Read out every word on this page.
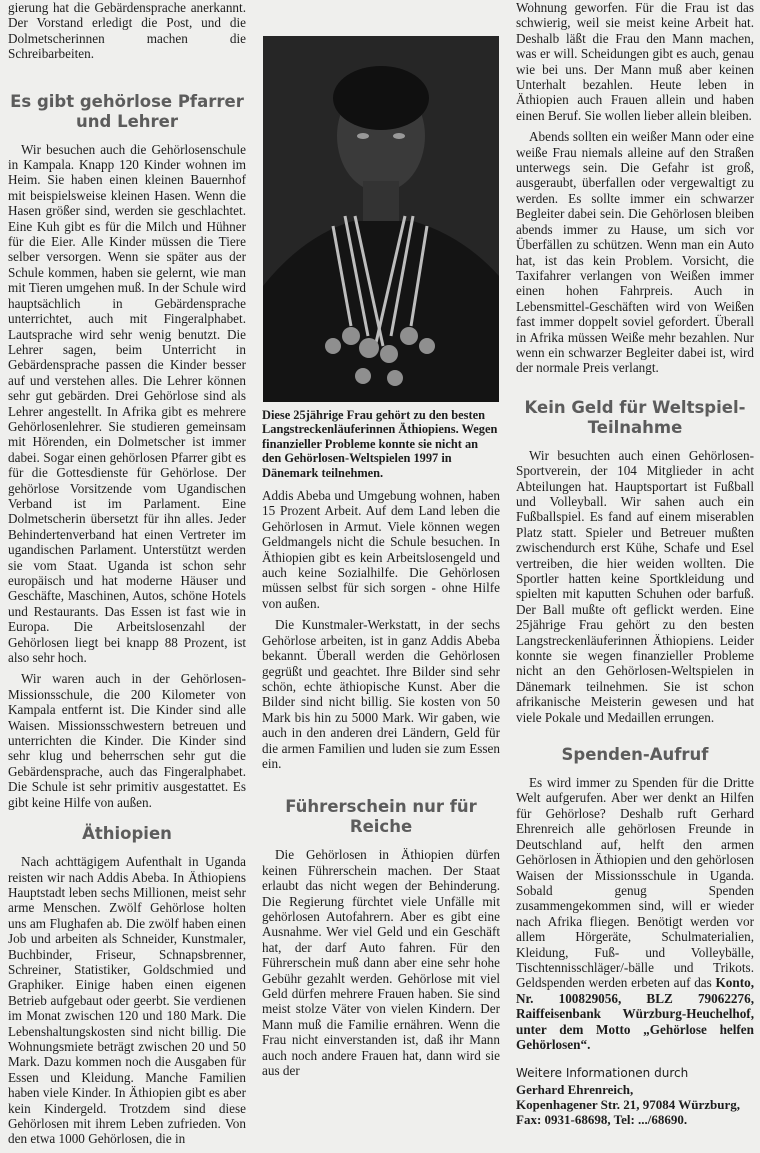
gierung hat die Gebärdensprache anerkannt. Der Vorstand erledigt die Post, und die Dolmetscherinnen machen die Schreibarbeiten.

Es gibt gehörlose Pfarrer und Lehrer

Wir besuchen auch die Gehörlosenschule in Kampala. Knapp 120 Kinder wohnen im Heim. Sie haben einen kleinen Bauernhof mit beispielsweise kleinen Hasen. Wenn die Hasen größer sind, werden sie geschlachtet. Eine Kuh gibt es für die Milch und Hühner für die Eier. Alle Kinder müssen die Tiere selber versorgen. Wenn sie später aus der Schule kommen, haben sie gelernt, wie man mit Tieren umgehen muß. In der Schule wird hauptsächlich in Gebärdensprache unterrichtet, auch mit Fingeralphabet. Lautsprache wird sehr wenig benutzt. Die Lehrer sagen, beim Unterricht in Gebärdensprache passen die Kinder besser auf und verstehen alles. Die Lehrer können sehr gut gebärden. Drei Gehörlose sind als Lehrer angestellt. In Afrika gibt es mehrere Gehörlosenlehrer. Sie studieren gemeinsam mit Hörenden, ein Dolmetscher ist immer dabei. Sogar einen gehörlosen Pfarrer gibt es für die Gottesdienste für Gehörlose. Der gehörlose Vorsitzende vom Ugandischen Verband ist im Parlament. Eine Dolmetscherin übersetzt für ihn alles. Jeder Behindertenverband hat einen Vertreter im ugandischen Parlament. Unterstützt werden sie vom Staat. Uganda ist schon sehr europäisch und hat moderne Häuser und Geschäfte, Maschinen, Autos, schöne Hotels und Restaurants. Das Essen ist fast wie in Europa. Die Arbeitslosenzahl der Gehörlosen liegt bei knapp 88 Prozent, ist also sehr hoch.

Wir waren auch in der Gehörlosen-Missionsschule, die 200 Kilometer von Kampala entfernt ist. Die Kinder sind alle Waisen. Missionsschwestern betreuen und unterrichten die Kinder. Die Kinder sind sehr klug und beherrschen sehr gut die Gebärdensprache, auch das Fingeralphabet. Die Schule ist sehr primitiv ausgestattet. Es gibt keine Hilfe von außen.

Äthiopien

Nach achttägigem Aufenthalt in Uganda reisten wir nach Addis Abeba. In Äthiopiens Hauptstadt leben sechs Millionen, meist sehr arme Menschen. Zwölf Gehörlose holten uns am Flughafen ab. Die zwölf haben einen Job und arbeiten als Schneider, Kunstmaler, Buchbinder, Friseur, Schnapsbrenner, Schreiner, Statistiker, Goldschmied und Graphiker. Einige haben einen eigenen Betrieb aufgebaut oder geerbt. Sie verdienen im Monat zwischen 120 und 180 Mark. Die Lebenshaltungskosten sind nicht billig. Die Wohnungsmiete beträgt zwischen 20 und 50 Mark. Dazu kommen noch die Ausgaben für Essen und Kleidung. Manche Familien haben viele Kinder. In Äthiopien gibt es aber kein Kindergeld. Trotzdem sind diese Gehörlosen mit ihrem Leben zufrieden. Von den etwa 1000 Gehörlosen, die in

Diese 25jährige Frau gehört zu den besten Langstreckenläuferinnen Äthiopiens. Wegen finanzieller Probleme konnte sie nicht an den Gehörlosen-Weltspielen 1997 in Dänemark teilnehmen.

Addis Abeba und Umgebung wohnen, haben 15 Prozent Arbeit. Auf dem Land leben die Gehörlosen in Armut. Viele können wegen Geldmangels nicht die Schule besuchen. In Äthiopien gibt es kein Arbeitslosengeld und auch keine Sozialhilfe. Die Gehörlosen müssen selbst für sich sorgen - ohne Hilfe von außen.

Die Kunstmaler-Werkstatt, in der sechs Gehörlose arbeiten, ist in ganz Addis Abeba bekannt. Überall werden die Gehörlosen gegrüßt und geachtet. Ihre Bilder sind sehr schön, echte äthiopische Kunst. Aber die Bilder sind nicht billig. Sie kosten von 50 Mark bis hin zu 5000 Mark. Wir gaben, wie auch in den anderen drei Ländern, Geld für die armen Familien und luden sie zum Essen ein.

Führerschein nur für Reiche

Die Gehörlosen in Äthiopien dürfen keinen Führerschein machen. Der Staat erlaubt das nicht wegen der Behinderung. Die Regierung fürchtet viele Unfälle mit gehörlosen Autofahrern. Aber es gibt eine Ausnahme. Wer viel Geld und ein Geschäft hat, der darf Auto fahren. Für den Führerschein muß dann aber eine sehr hohe Gebühr gezahlt werden. Gehörlose mit viel Geld dürfen mehrere Frauen haben. Sie sind meist stolze Väter von vielen Kindern. Der Mann muß die Familie ernähren. Wenn die Frau nicht einverstanden ist, daß ihr Mann auch noch andere Frauen hat, dann wird sie aus der

Wohnung geworfen. Für die Frau ist das schwierig, weil sie meist keine Arbeit hat. Deshalb läßt die Frau den Mann machen, was er will. Scheidungen gibt es auch, genau wie bei uns. Der Mann muß aber keinen Unterhalt bezahlen. Heute leben in Äthiopien auch Frauen allein und haben einen Beruf. Sie wollen lieber allein bleiben.

Abends sollten ein weißer Mann oder eine weiße Frau niemals alleine auf den Straßen unterwegs sein. Die Gefahr ist groß, ausgeraubt, überfallen oder vergewaltigt zu werden. Es sollte immer ein schwarzer Begleiter dabei sein. Die Gehörlosen bleiben abends immer zu Hause, um sich vor Überfällen zu schützen. Wenn man ein Auto hat, ist das kein Problem. Vorsicht, die Taxifahrer verlangen von Weißen immer einen hohen Fahrpreis. Auch in Lebensmittel-Geschäften wird von Weißen fast immer doppelt soviel gefordert. Überall in Afrika müssen Weiße mehr bezahlen. Nur wenn ein schwarzer Begleiter dabei ist, wird der normale Preis verlangt.

Kein Geld für Weltspiel-Teilnahme

Wir besuchten auch einen Gehörlosen-Sportverein, der 104 Mitglieder in acht Abteilungen hat. Hauptsportart ist Fußball und Volleyball. Wir sahen auch ein Fußballspiel. Es fand auf einem miserablen Platz statt. Spieler und Betreuer mußten zwischendurch erst Kühe, Schafe und Esel vertreiben, die hier weiden wollten. Die Sportler hatten keine Sportkleidung und spielten mit kaputten Schuhen oder barfuß. Der Ball mußte oft geflickt werden. Eine 25jährige Frau gehört zu den besten Langstreckenläuferinnen Äthiopiens. Leider konnte sie wegen finanzieller Probleme nicht an den Gehörlosen-Weltspielen in Dänemark teilnehmen. Sie ist schon afrikanische Meisterin gewesen und hat viele Pokale und Medaillen errungen.

Spenden-Aufruf

Es wird immer zu Spenden für die Dritte Welt aufgerufen. Aber wer denkt an Hilfen für Gehörlose? Deshalb ruft Gerhard Ehrenreich alle gehörlosen Freunde in Deutschland auf, helft den armen Gehörlosen in Äthiopien und den gehörlosen Waisen der Missionsschule in Uganda. Sobald genug Spenden zusammengekommen sind, will er wieder nach Afrika fliegen. Benötigt werden vor allem Hörgeräte, Schulmaterialien, Kleidung, Fuß- und Volleybälle, Tischtennisschläger/-bälle und Trikots. Geldspenden werden erbeten auf das Konto, Nr. 100829056, BLZ 79062276, Raiffeisenbank Würzburg-Heuchelhof, unter dem Motto „Gehörlose helfen Gehörlosen“.

Weitere Informationen durch
Gerhard Ehrenreich,
Kopenhagener Str. 21, 97084 Würzburg,
Fax: 0931-68698, Tel: .../68690.
